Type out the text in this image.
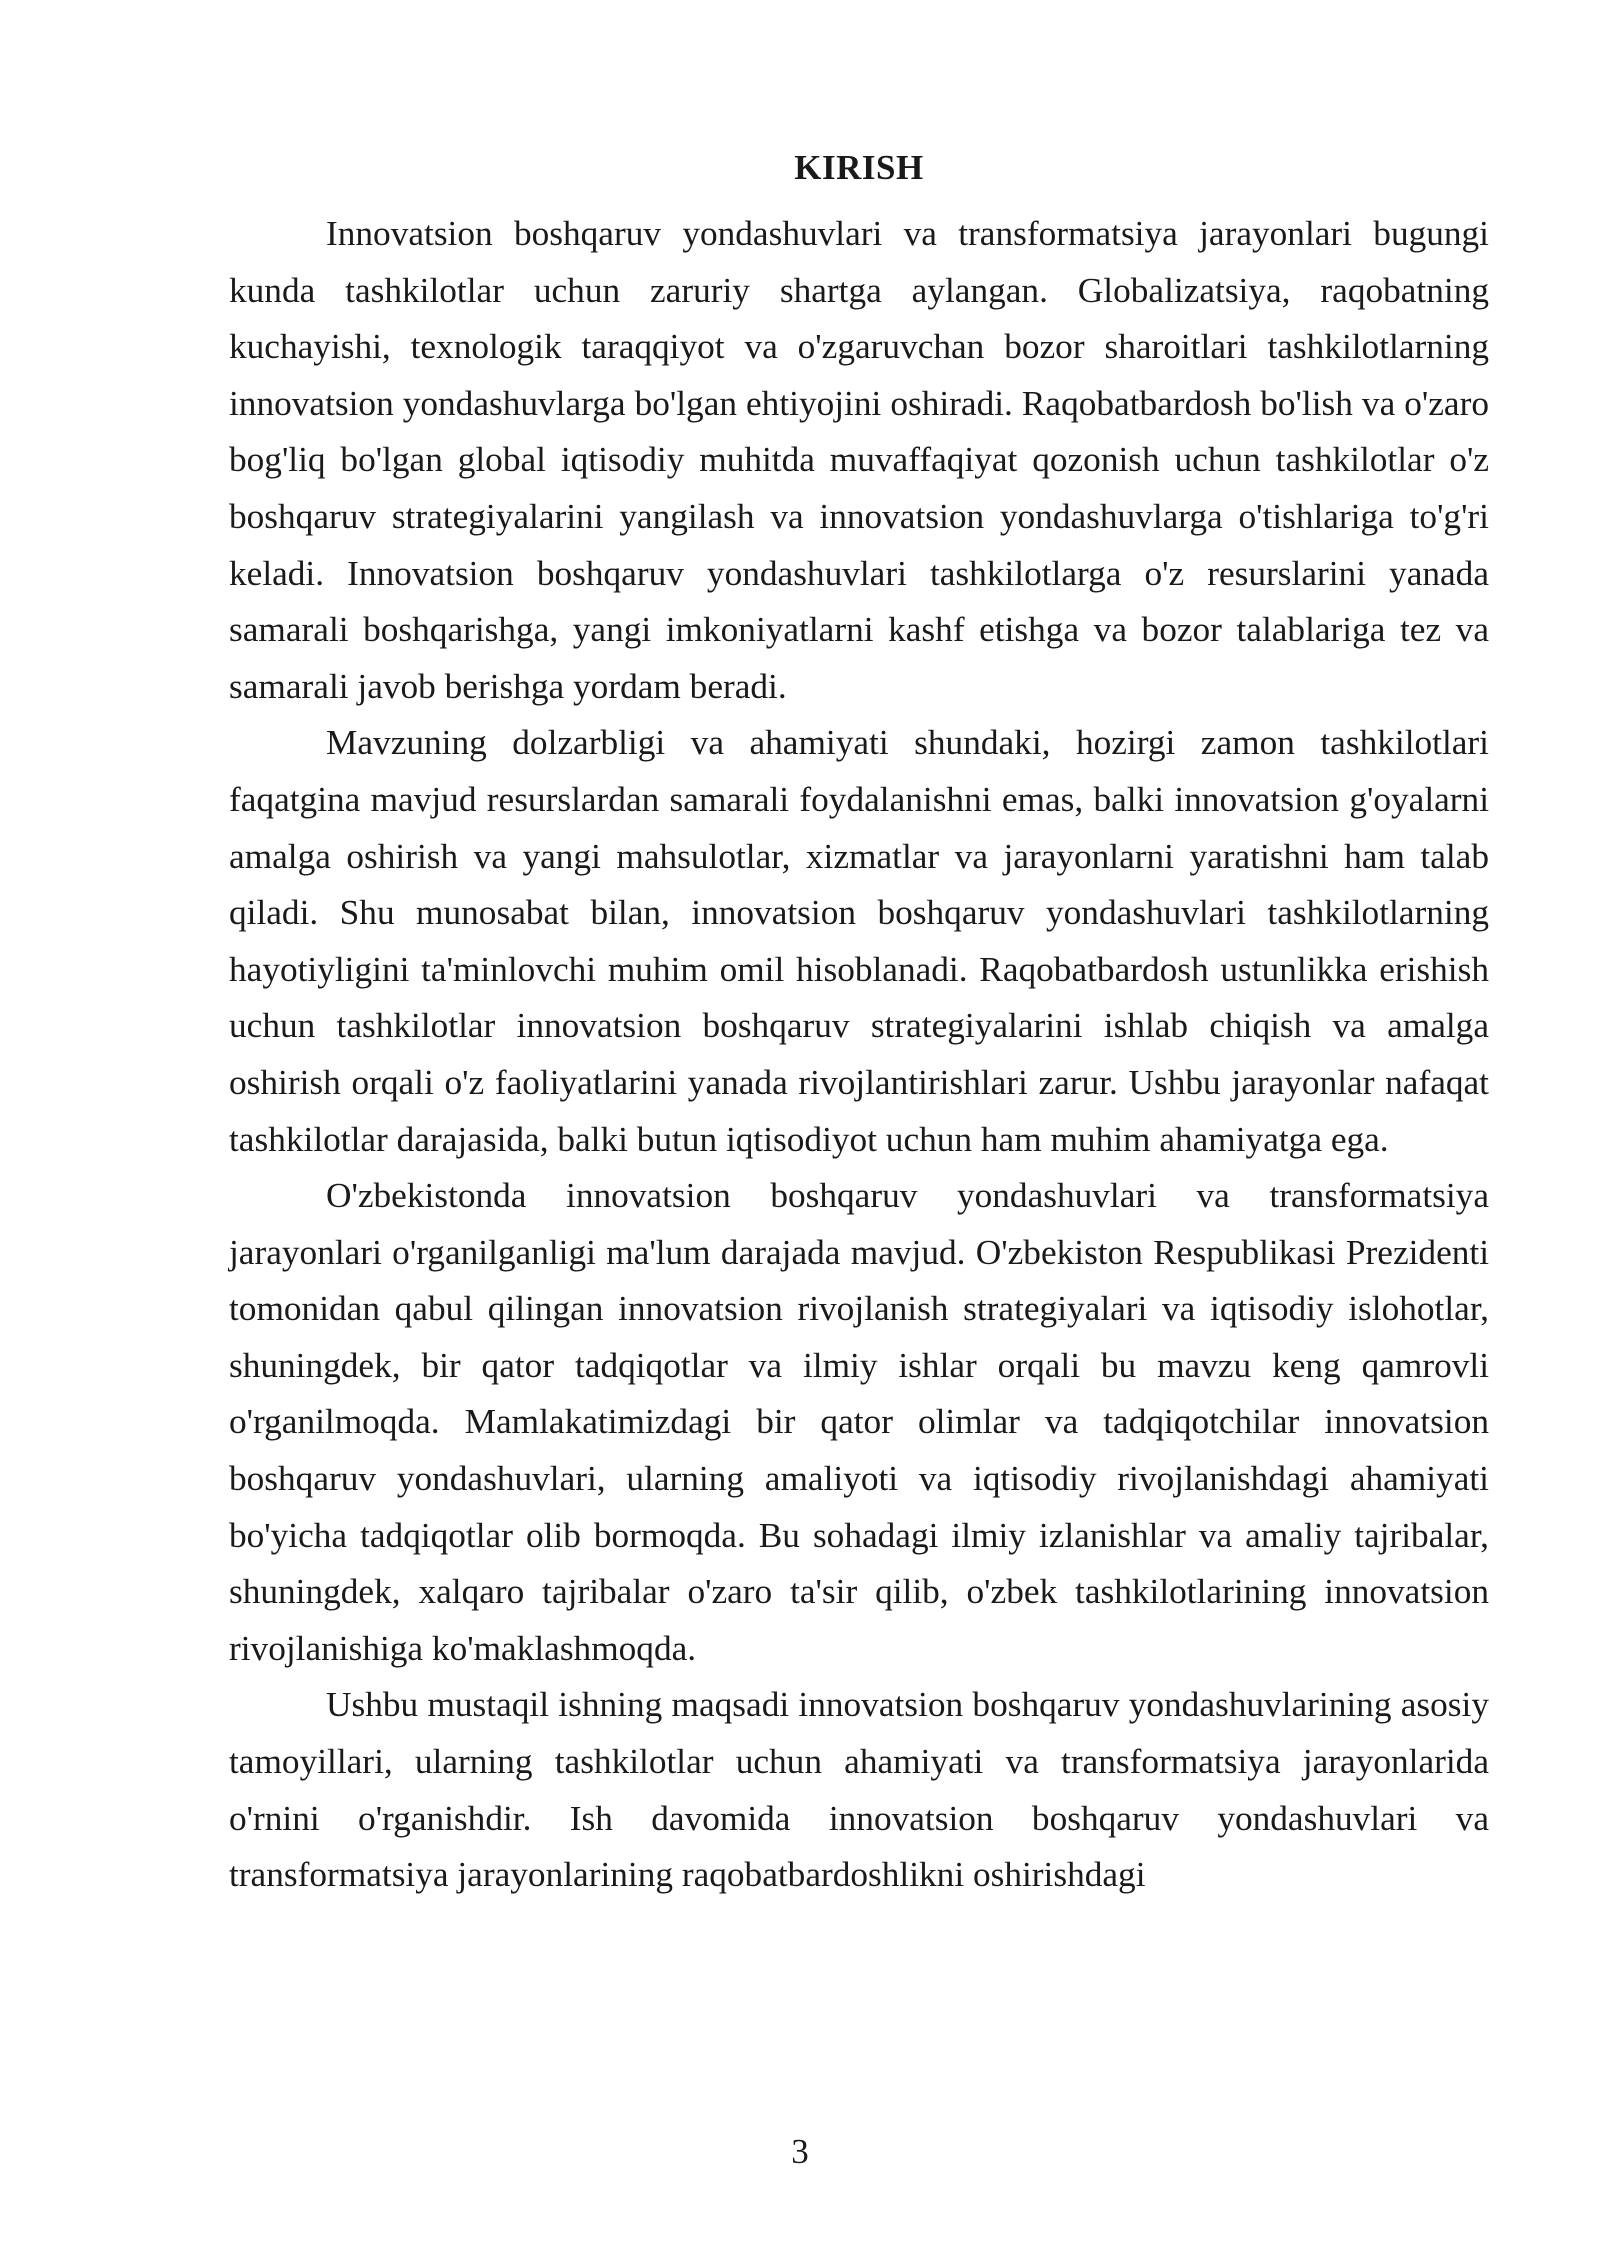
KIRISH

Innovatsion boshqaruv yondashuvlari va transformatsiya jarayonlari bugungi kunda tashkilotlar uchun zaruriy shartga aylangan. Globalizatsiya, raqobatning kuchayishi, texnologik taraqqiyot va o'zgaruvchan bozor sharoitlari tashkilotlarning innovatsion yondashuvlarga bo'lgan ehtiyojini oshiradi. Raqobatbardosh bo'lish va o'zaro bog'liq bo'lgan global iqtisodiy muhitda muvaffaqiyat qozonish uchun tashkilotlar o'z boshqaruv strategiyalarini yangilash va innovatsion yondashuvlarga o'tishlariga to'g'ri keladi. Innovatsion boshqaruv yondashuvlari tashkilotlarga o'z resurslarini yanada samarali boshqarishga, yangi imkoniyatlarni kashf etishga va bozor talablariga tez va samarali javob berishga yordam beradi.

Mavzuning dolzarbligi va ahamiyati shundaki, hozirgi zamon tashkilotlari faqatgina mavjud resurslardan samarali foydalanishni emas, balki innovatsion g'oyalarni amalga oshirish va yangi mahsulotlar, xizmatlar va jarayonlarni yaratishni ham talab qiladi. Shu munosabat bilan, innovatsion boshqaruv yondashuvlari tashkilotlarning hayotiyligini ta'minlovchi muhim omil hisoblanadi. Raqobatbardosh ustunlikka erishish uchun tashkilotlar innovatsion boshqaruv strategiyalarini ishlab chiqish va amalga oshirish orqali o'z faoliyatlarini yanada rivojlantirishlari zarur. Ushbu jarayonlar nafaqat tashkilotlar darajasida, balki butun iqtisodiyot uchun ham muhim ahamiyatga ega.

O'zbekistonda innovatsion boshqaruv yondashuvlari va transformatsiya jarayonlari o'rganilganligi ma'lum darajada mavjud. O'zbekiston Respublikasi Prezidenti tomonidan qabul qilingan innovatsion rivojlanish strategiyalari va iqtisodiy islohotlar, shuningdek, bir qator tadqiqotlar va ilmiy ishlar orqali bu mavzu keng qamrovli o'rganilmoqda. Mamlakatimizdagi bir qator olimlar va tadqiqotchilar innovatsion boshqaruv yondashuvlari, ularning amaliyoti va iqtisodiy rivojlanishdagi ahamiyati bo'yicha tadqiqotlar olib bormoqda. Bu sohadagi ilmiy izlanishlar va amaliy tajribalar, shuningdek, xalqaro tajribalar o'zaro ta'sir qilib, o'zbek tashkilotlarining innovatsion rivojlanishiga ko'maklashmoqda.

Ushbu mustaqil ishning maqsadi innovatsion boshqaruv yondashuvlarining asosiy tamoyillari, ularning tashkilotlar uchun ahamiyati va transformatsiya jarayonlarida o'rnini o'rganishdir. Ish davomida innovatsion boshqaruv yondashuvlari va transformatsiya jarayonlarining raqobatbardoshlikni oshirishdagi

3
